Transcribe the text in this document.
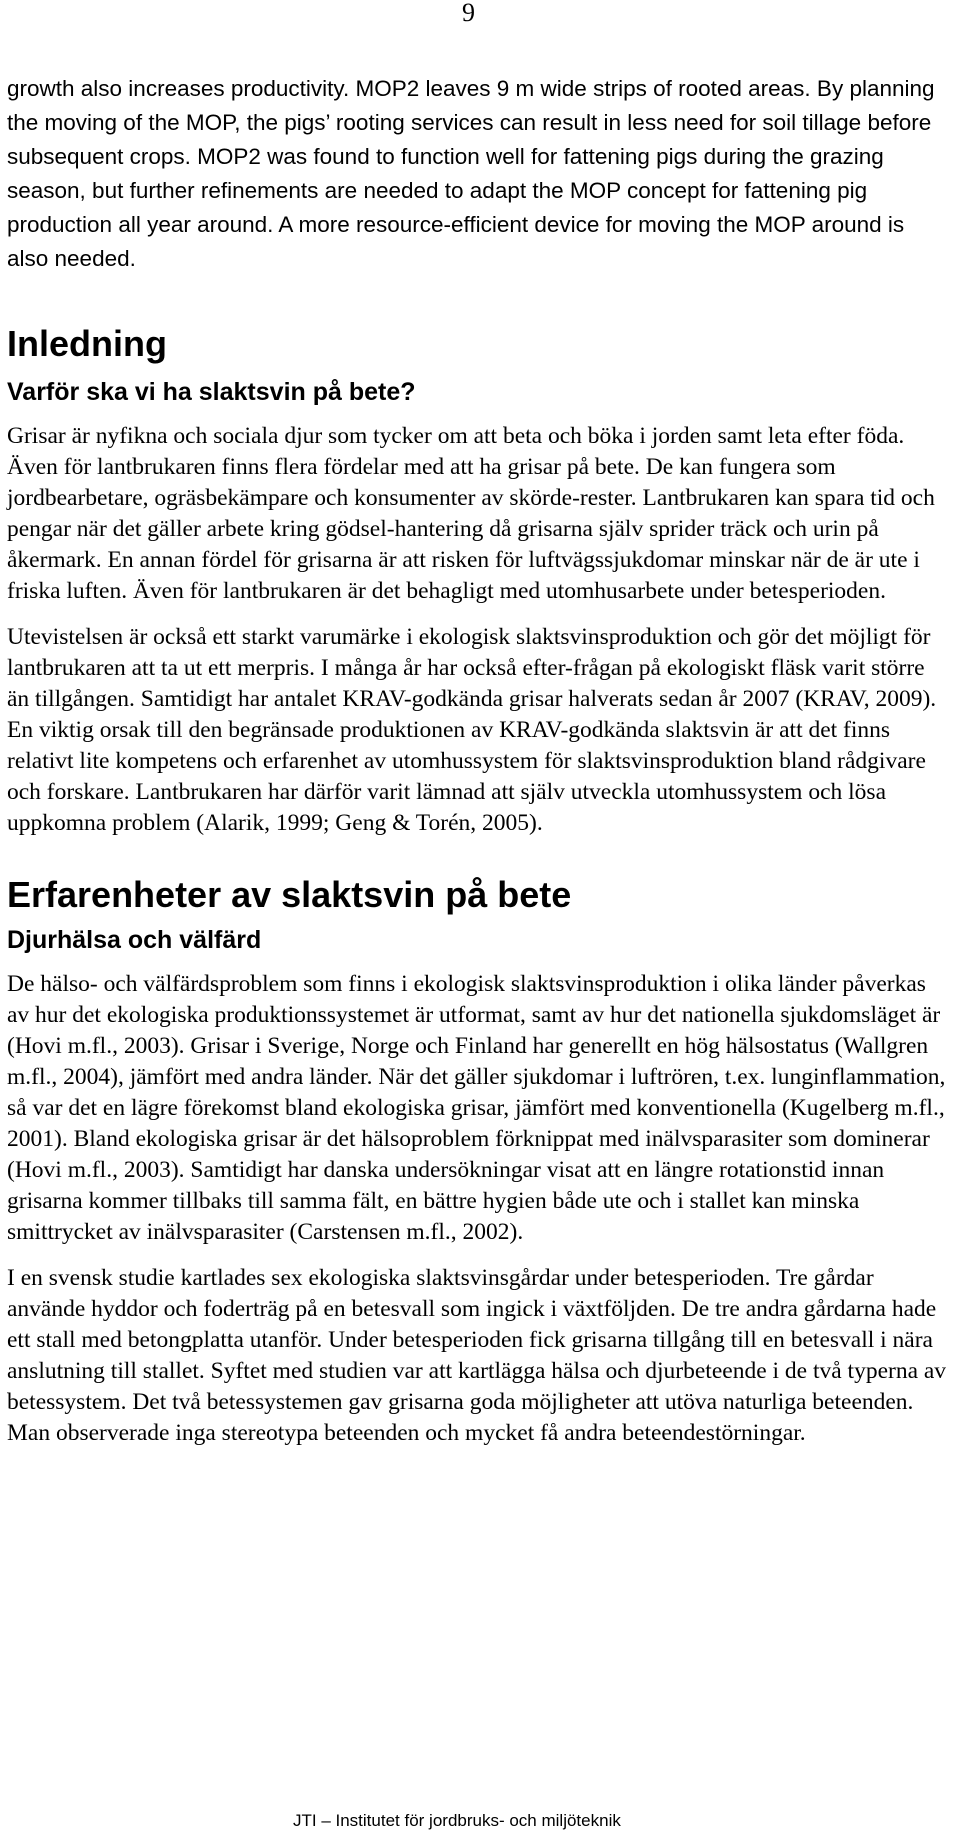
9

growth also increases productivity. MOP2 leaves 9 m wide strips of rooted areas. By planning the moving of the MOP, the pigs’ rooting services can result in less need for soil tillage before subsequent crops. MOP2 was found to function well for fattening pigs during the grazing season, but further refinements are needed to adapt the MOP concept for fattening pig production all year around. A more resource-efficient device for moving the MOP around is also needed.

Inledning
Varför ska vi ha slaktsvin på bete?

Grisar är nyfikna och sociala djur som tycker om att beta och böka i jorden samt leta efter föda. Även för lantbrukaren finns flera fördelar med att ha grisar på bete. De kan fungera som jordbearbetare, ogräsbekämpare och konsumenter av skörde-rester. Lantbrukaren kan spara tid och pengar när det gäller arbete kring gödsel-hantering då grisarna själv sprider träck och urin på åkermark. En annan fördel för grisarna är att risken för luftvägssjukdomar minskar när de är ute i friska luften. Även för lantbrukaren är det behagligt med utomhusarbete under betesperioden.

Utevistelsen är också ett starkt varumärke i ekologisk slaktsvinsproduktion och gör det möjligt för lantbrukaren att ta ut ett merpris. I många år har också efter-frågan på ekologiskt fläsk varit större än tillgången. Samtidigt har antalet KRAV-godkända grisar halverats sedan år 2007 (KRAV, 2009). En viktig orsak till den begränsade produktionen av KRAV-godkända slaktsvin är att det finns relativt lite kompetens och erfarenhet av utomhussystem för slaktsvinsproduktion bland rådgivare och forskare. Lantbrukaren har därför varit lämnad att själv utveckla utomhussystem och lösa uppkomna problem (Alarik, 1999; Geng & Torén, 2005).

Erfarenheter av slaktsvin på bete
Djurhälsa och välfärd

De hälso- och välfärdsproblem som finns i ekologisk slaktsvinsproduktion i olika länder påverkas av hur det ekologiska produktionssystemet är utformat, samt av hur det nationella sjukdomsläget är (Hovi m.fl., 2003). Grisar i Sverige, Norge och Finland har generellt en hög hälsostatus (Wallgren m.fl., 2004), jämfört med andra länder. När det gäller sjukdomar i luftrören, t.ex. lunginflammation, så var det en lägre förekomst bland ekologiska grisar, jämfört med konventionella (Kugelberg m.fl., 2001). Bland ekologiska grisar är det hälsoproblem förknippat med inälvsparasiter som dominerar (Hovi m.fl., 2003). Samtidigt har danska undersökningar visat att en längre rotationstid innan grisarna kommer tillbaks till samma fält, en bättre hygien både ute och i stallet kan minska smittrycket av inälvsparasiter (Carstensen m.fl., 2002).

I en svensk studie kartlades sex ekologiska slaktsvinsgårdar under betesperioden. Tre gårdar använde hyddor och foderträg på en betesvall som ingick i växtföljden. De tre andra gårdarna hade ett stall med betongplatta utanför. Under betesperioden fick grisarna tillgång till en betesvall i nära anslutning till stallet. Syftet med studien var att kartlägga hälsa och djurbeteende i de två typerna av betessystem. Det två betessystemen gav grisarna goda möjligheter att utöva naturliga beteenden. Man observerade inga stereotypa beteenden och mycket få andra beteendestörningar.

JTI – Institutet för jordbruks- och miljöteknik
